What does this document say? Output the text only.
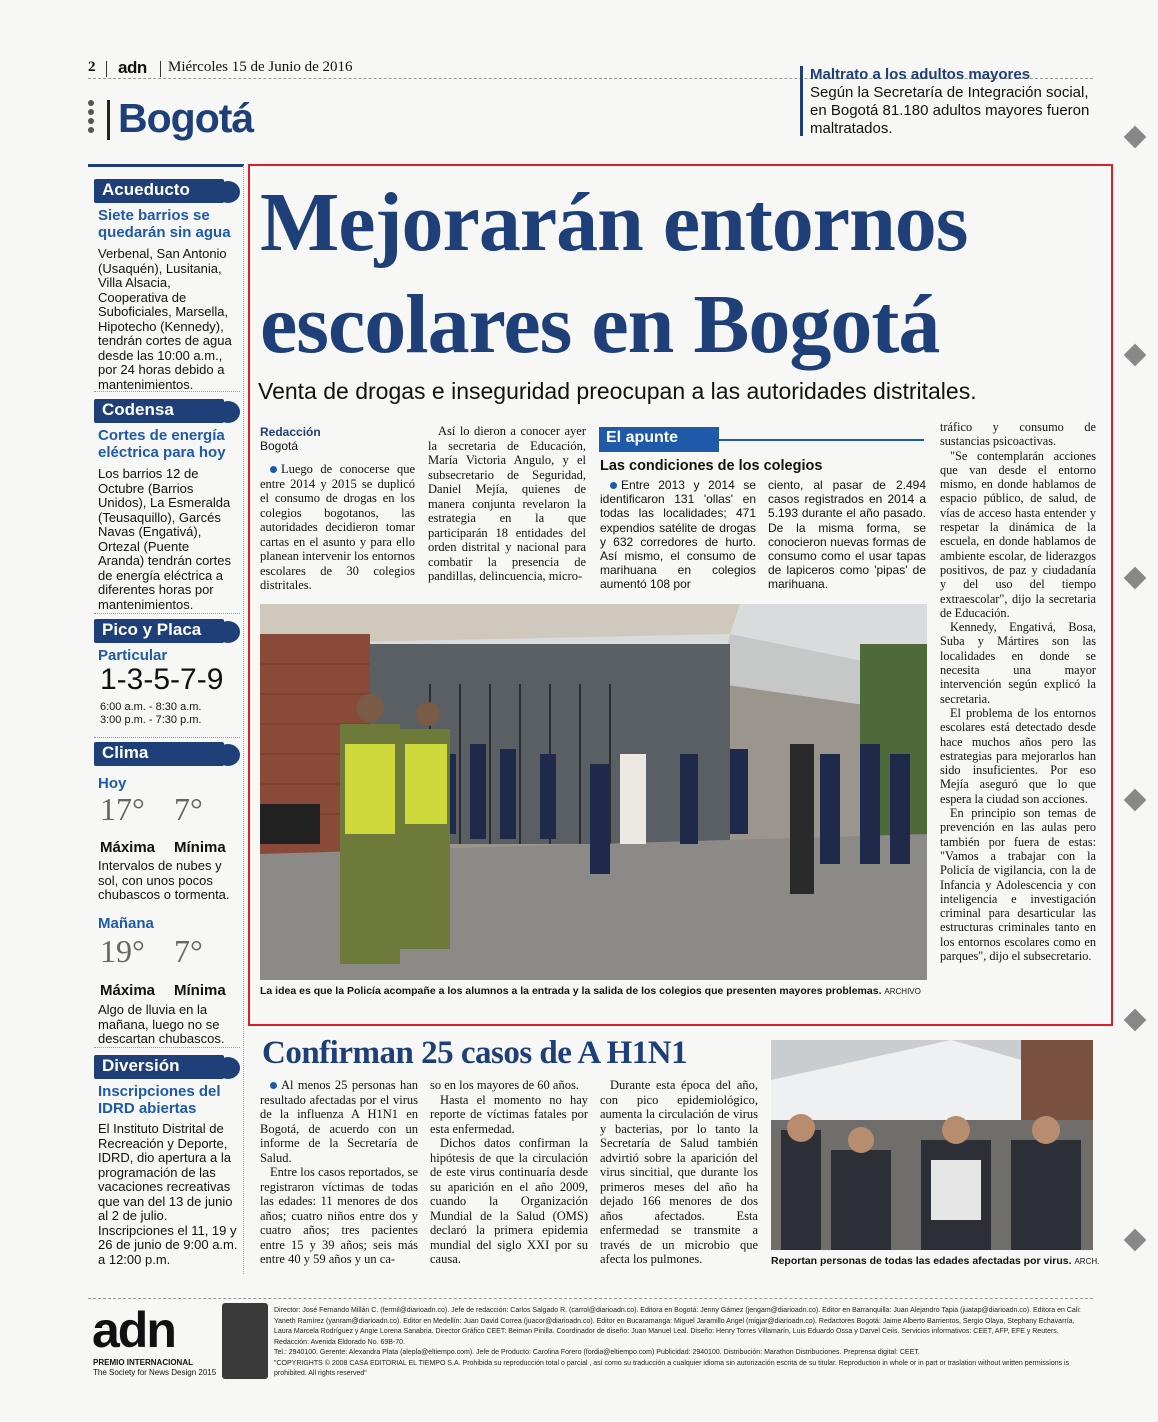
2 adn Miércoles 15 de Junio de 2016
Bogotá
Maltrato a los adultos mayores
Según la Secretaría de Integración social, en Bogotá 81.180 adultos mayores fueron maltratados.
Acueducto
Siete barrios se quedarán sin agua
Verbenal, San Antonio (Usaquén), Lusitania, Villa Alsacia, Cooperativa de Suboficiales, Marsella, Hipotecho (Kennedy), tendrán cortes de agua desde las 10:00 a.m., por 24 horas debido a mantenimientos.
Codensa
Cortes de energía eléctrica para hoy
Los barrios 12 de Octubre (Barrios Unidos), La Esmeralda (Teusaquillo), Garcés Navas (Engativá), Ortezal (Puente Aranda) tendrán cortes de energía eléctrica a diferentes horas por mantenimientos.
Pico y Placa
Particular
1-3-5-7-9
6:00 a.m. - 8:30 a.m.
3:00 p.m. - 7:30 p.m.
Clima
Hoy
17° 7°
Máxima Mínima
Intervalos de nubes y sol, con unos pocos chubascos o tormenta.
Mañana
19° 7°
Máxima Mínima
Algo de lluvia en la mañana, luego no se descartan chubascos.
Diversión
Inscripciones del IDRD abiertas
El Instituto Distrital de Recreación y Deporte, IDRD, dio apertura a la programación de las vacaciones recreativas que van del 13 de junio al 2 de julio. Inscripciones el 11, 19 y 26 de junio de 9:00 a.m. a 12:00 p.m.
Mejorarán entornos
escolares en Bogotá
Venta de drogas e inseguridad preocupan a las autoridades distritales.
Redacción
Bogotá

Luego de conocerse que entre 2014 y 2015 se duplicó el consumo de drogas en los colegios bogotanos, las autoridades decidieron tomar cartas en el asunto y para ello planean intervenir los entornos escolares de 30 colegios distritales.

Así lo dieron a conocer ayer la secretaria de Educación, María Victoria Angulo, y el subsecretario de Seguridad, Daniel Mejía, quienes de manera conjunta revelaron la estrategia en la que participarán 18 entidades del orden distrital y nacional para combatir la presencia de pandillas, delincuencia, micro-

El apunte
Las condiciones de los colegios

Entre 2013 y 2014 se identificaron 131 'ollas' en todas las localidades; 471 expendios satélite de drogas y 632 corredores de hurto. Así mismo, el consumo de marihuana en colegios aumentó 108 por

ciento, al pasar de 2.494 casos registrados en 2014 a 5.193 durante el año pasado. De la misma forma, se conocieron nuevas formas de consumo como el usar tapas de lapiceros como 'pipas' de marihuana.

tráfico y consumo de sustancias psicoactivas.

"Se contemplarán acciones que van desde el entorno mismo, en donde hablamos de espacio público, de salud, de vías de acceso hasta entender y respetar la dinámica de la escuela, en donde hablamos de ambiente escolar, de liderazgos positivos, de paz y ciudadanía y del uso del tiempo extraescolar", dijo la secretaria de Educación.

Kennedy, Engativá, Bosa, Suba y Mártires son las localidades en donde se necesita una mayor intervención según explicó la secretaria.

El problema de los entornos escolares está detectado desde hace muchos años pero las estrategias para mejorarlos han sido insuficientes. Por eso Mejía aseguró que lo que espera la ciudad son acciones.

En principio son temas de prevención en las aulas pero también por fuera de estas: "Vamos a trabajar con la Policía de vigilancia, con la de Infancia y Adolescencia y con inteligencia e investigación criminal para desarticular las estructuras criminales tanto en los entornos escolares como en parques", dijo el subsecretario.

La idea es que la Policía acompañe a los alumnos a la entrada y la salida de los colegios que presenten mayores problemas. ARCHIVO
Confirman 25 casos de A H1N1

Al menos 25 personas han resultado afectadas por el virus de la influenza A H1N1 en Bogotá, de acuerdo con un informe de la Secretaría de Salud.

Entre los casos reportados, se registraron víctimas de todas las edades: 11 menores de dos años; cuatro niños entre dos y cuatro años; tres pacientes entre 15 y 39 años; seis más entre 40 y 59 años y un ca-

so en los mayores de 60 años.

Hasta el momento no hay reporte de víctimas fatales por esta enfermedad.

Dichos datos confirman la hipótesis de que la circulación de este virus continuaría desde su aparición en el año 2009, cuando la Organización Mundial de la Salud (OMS) declaró la primera epidemia mundial del siglo XXI por su causa.

Durante esta época del año, con pico epidemiológico, aumenta la circulación de virus y bacterias, por lo tanto la Secretaría de Salud también advirtió sobre la aparición del virus sincitial, que durante los primeros meses del año ha dejado 166 menores de dos años afectados. Esta enfermedad se transmite a través de un microbio que afecta los pulmones.	Reportan personas de todas las edades afectadas por virus. ARCH.
adn
PREMIO INTERNACIONAL
The Society for News Design 2015
Director: José Fernando Millán C. (fermil@diarioadn.co). Jefe de redacción: Carlos Salgado R. (carrol@diarioadn.co). Editora en Bogotá: Jenny Gámez (jengam@diarioadn.co). Editor en Barranquilla: Juan Alejandro Tapia (juatap@diarioadn.co). Editora en Cali:
Yaneth Ramírez (yanram@diarioadn.co). Editor en Medellín: Juan David Correa (juacor@diarioadn.co). Editor en Bucaramanga: Miguel Jaramillo Angel (migjar@diarioadn.co). Redactores Bogotá: Jaime Alberto Barrientos, Sergio Olaya, Stephany Echavarría,
Laura Marcela Rodríguez y Angie Lorena Sanabria. Director Gráfico CEET: Beiman Pinilla. Coordinador de diseño: Juan Manuel Leal. Diseño: Henry Torres Villamarín, Luis Eduardo Ossa y Darvel Ceiis. Servicios informativos: CEET, AFP, EFE y Reuters.
Redacción: Avenida Eldorado No. 69B-70.
Tel.: 2940100. Gerente: Alexandra Plata (alepla@eltiempo.com). Jefe de Producto: Carolina Forero (fordia@eltiempo.com) Publicidad: 2940100. Distribución: Marathon Distribuciones. Preprensa digital: CEET.
"COPYRIGHTS © 2008 CASA EDITORIAL EL TIEMPO S.A. Prohibida su reproducción total o parcial , así como su traducción a cualquier idioma sin autorización escrita de su titular. Reproduction in whole or in part or traslation without written permissions is prohibited. All rights reserved"
